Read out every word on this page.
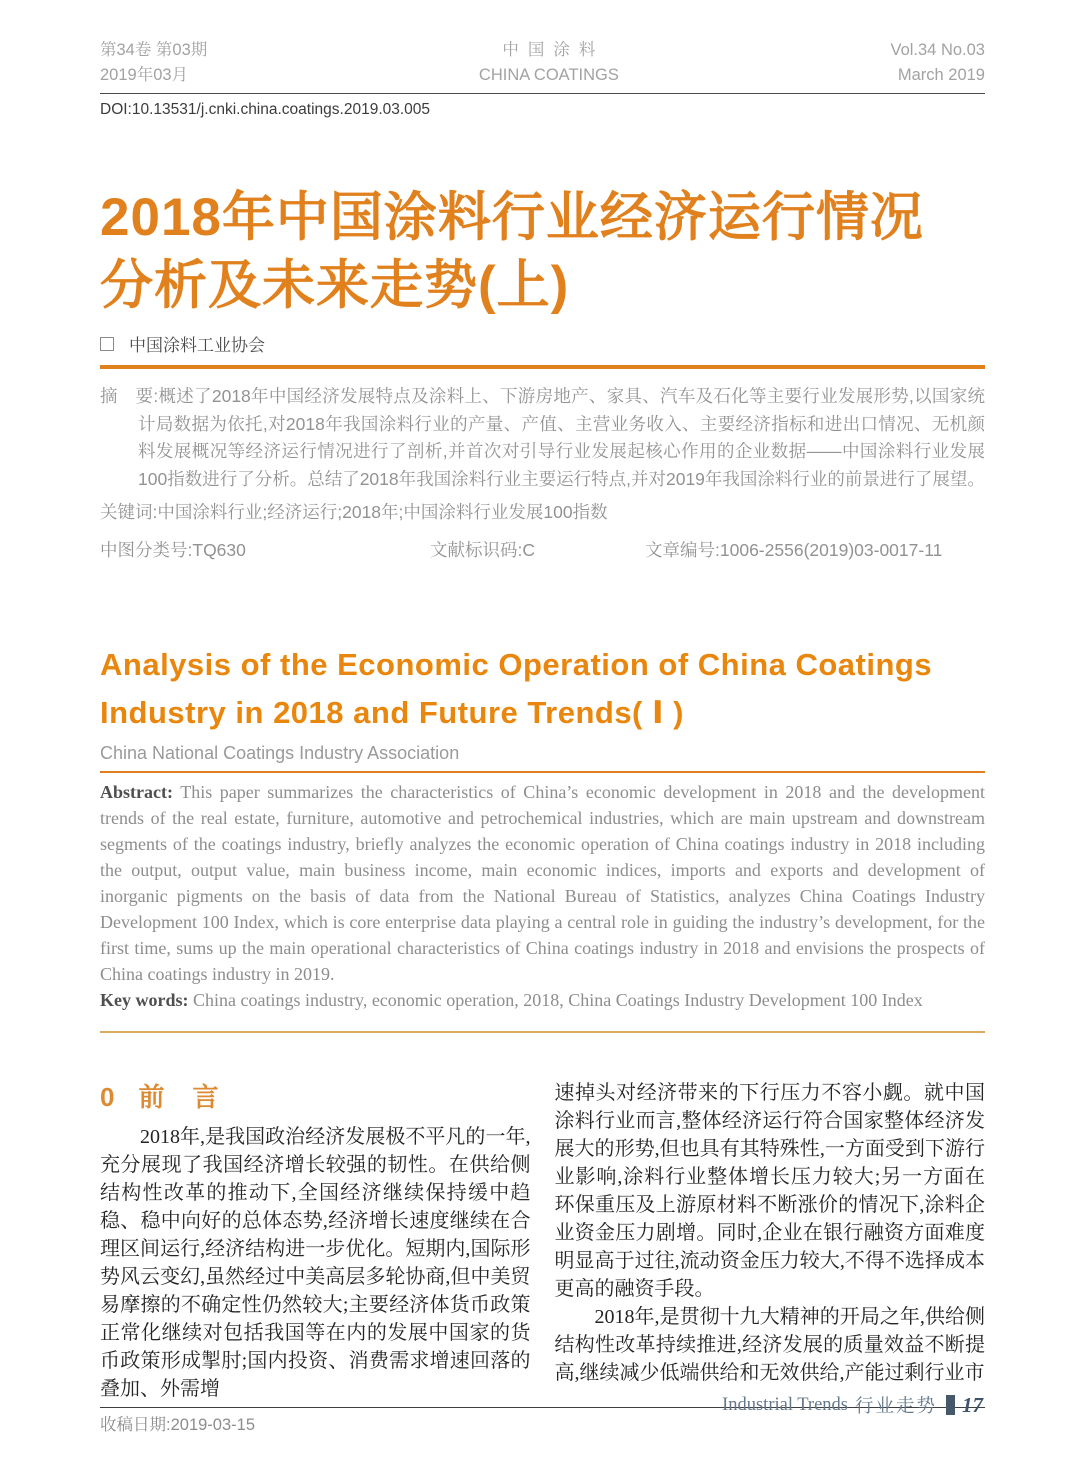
第34卷 第03期
2019年03月
中国涂料
CHINA COATINGS
Vol.34 No.03
March 2019
DOI:10.13531/j.cnki.china.coatings.2019.03.005
2018年中国涂料行业经济运行情况
分析及未来走势(上)
中国涂料工业协会

摘　要:概述了2018年中国经济发展特点及涂料上、下游房地产、家具、汽车及石化等主要行业发展形势,以国家统计局数据为依托,对2018年我国涂料行业的产量、产值、主营业务收入、主要经济指标和进出口情况、无机颜料发展概况等经济运行情况进行了剖析,并首次对引导行业发展起核心作用的企业数据——中国涂料行业发展100指数进行了分析。总结了2018年我国涂料行业主要运行特点,并对2019年我国涂料行业的前景进行了展望。

关键词:中国涂料行业;经济运行;2018年;中国涂料行业发展100指数
中图分类号:TQ630	文献标识码:C	文章编号:1006-2556(2019)03-0017-11
Analysis of the Economic Operation of China Coatings
Industry in 2018 and Future Trends( Ⅰ )
China National Coatings Industry Association

Abstract: This paper summarizes the characteristics of China’s economic development in 2018 and the development trends of the real estate, furniture, automotive and petrochemical industries, which are main upstream and downstream segments of the coatings industry, briefly analyzes the economic operation of China coatings industry in 2018 including the output, output value, main business income, main economic indices, imports and exports and development of inorganic pigments on the basis of data from the National Bureau of Statistics, analyzes China Coatings Industry Development 100 Index, which is core enterprise data playing a central role in guiding the industry’s development, for the first time, sums up the main operational characteristics of China coatings industry in 2018 and envisions the prospects of China coatings industry in 2019.

Key words: China coatings industry, economic operation, 2018, China Coatings Industry Development 100 Index

0 前言

2018年,是我国政治经济发展极不平凡的一年,充分展现了我国经济增长较强的韧性。在供给侧结构性改革的推动下,全国经济继续保持缓中趋稳、稳中向好的总体态势,经济增长速度继续在合理区间运行,经济结构进一步优化。短期内,国际形势风云变幻,虽然经过中美高层多轮协商,但中美贸易摩擦的不确定性仍然较大;主要经济体货币政策正常化继续对包括我国等在内的发展中国家的货币政策形成掣肘;国内投资、消费需求增速回落的叠加、外需增

速掉头对经济带来的下行压力不容小觑。就中国涂料行业而言,整体经济运行符合国家整体经济发展大的形势,但也具有其特殊性,一方面受到下游行业影响,涂料行业整体增长压力较大;另一方面在环保重压及上游原材料不断涨价的情况下,涂料企业资金压力剧增。同时,企业在银行融资方面难度明显高于过往,流动资金压力较大,不得不选择成本更高的融资手段。

2018年,是贯彻十九大精神的开局之年,供给侧结构性改革持续推进,经济发展的质量效益不断提高,继续减少低端供给和无效供给,产能过剩行业市

收稿日期:2019-03-15
Industrial Trends 行业走势 17
